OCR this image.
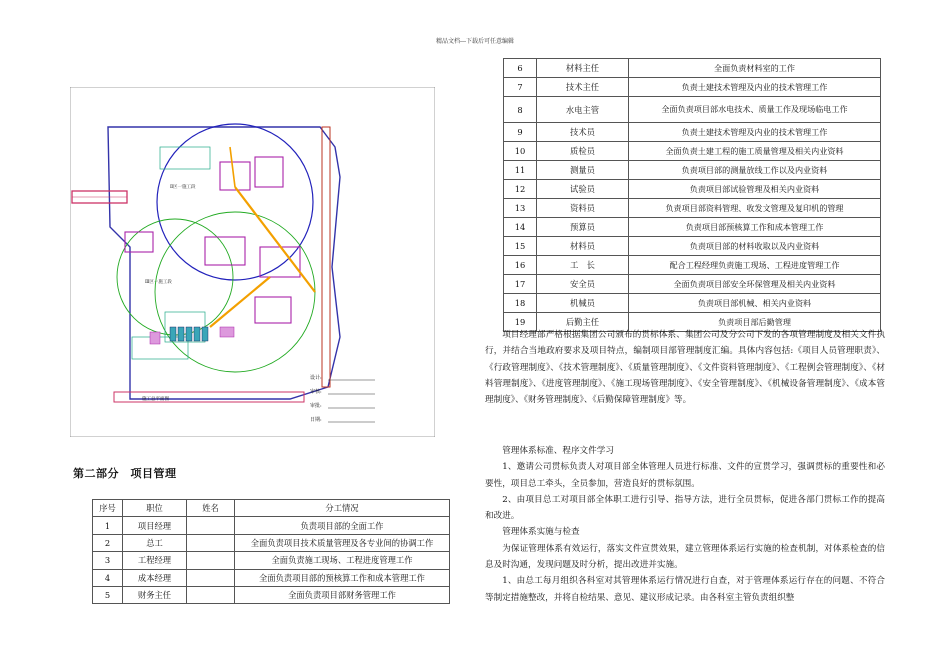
精品文档---下载后可任意编辑
Ⅱ区一施工段
Ⅲ区一施工段
施工总平面图
设计:
审核:
审批:
日期:
第二部分　项目管理
序号	职位	姓名	分工情况
1	项目经理		负责项目部的全面工作
2	总工		全面负责项目技术质量管理及各专业间的协调工作
3	工程经理		全面负责施工现场、工程进度管理工作
4	成本经理		全面负责项目部的预核算工作和成本管理工作
5	财务主任		全面负责项目部财务管理工作
6	材料主任	全面负责材料室的工作
7	技术主任	负责土建技术管理及内业的技术管理工作
8	水电主管	全面负责项目部水电技术、质量工作及现场临电工作
9	技术员	负责土建技术管理及内业的技术管理工作
10	质检员	全面负责土建工程的施工质量管理及相关内业资料
11	测量员	负责项目部的测量放线工作以及内业资料
12	试验员	负责项目部试验管理及相关内业资料
13	资料员	负责项目部资料管理、收发文管理及复印机的管理
14	预算员	负责项目部预核算工作和成本管理工作
15	材料员	负责项目部的材料收取以及内业资料
16	工　长	配合工程经理负责施工现场、工程进度管理工作
17	安全员	全面负责项目部安全环保管理及相关内业资料
18	机械员	负责项目部机械、相关内业资料
19	后勤主任	负责项目部后勤管理

项目经理部严格根据集团公司颁布的贯标体系、集团公司及分公司下发的各项管理制度及相关文件执行，并结合当地政府要求及项目特点，编制项目部管理制度汇编。具体内容包括:《项目人员管理职责》、《行政管理制度》、《技术管理制度》、《质量管理制度》、《文件资料管理制度》、《工程例会管理制度》、《材料管理制度》、《进度管理制度》、《施工现场管理制度》、《安全管理制度》、《机械设备管理制度》、《成本管理制度》、《财务管理制度》、《后勤保障管理制度》等。

管理体系标准、程序文件学习

1、邀请公司贯标负责人对项目部全体管理人员进行标准、文件的宣贯学习，强调贯标的重要性和必要性，项目总工牵头，全员参加，营造良好的贯标氛围。

2、由项目总工对项目部全体职工进行引导、指导方法，进行全员贯标，促进各部门贯标工作的提高和改进。

管理体系实施与检查

为保证管理体系有效运行，落实文件宣贯效果，建立管理体系运行实施的检查机制，对体系检查的信息及时沟通，发现问题及时分析，提出改进并实施。

1、由总工每月组织各科室对其管理体系运行情况进行自查，对于管理体系运行存在的问题、不符合等制定措施整改，并将自检结果、意见、建议形成记录。由各科室主管负责组织整
